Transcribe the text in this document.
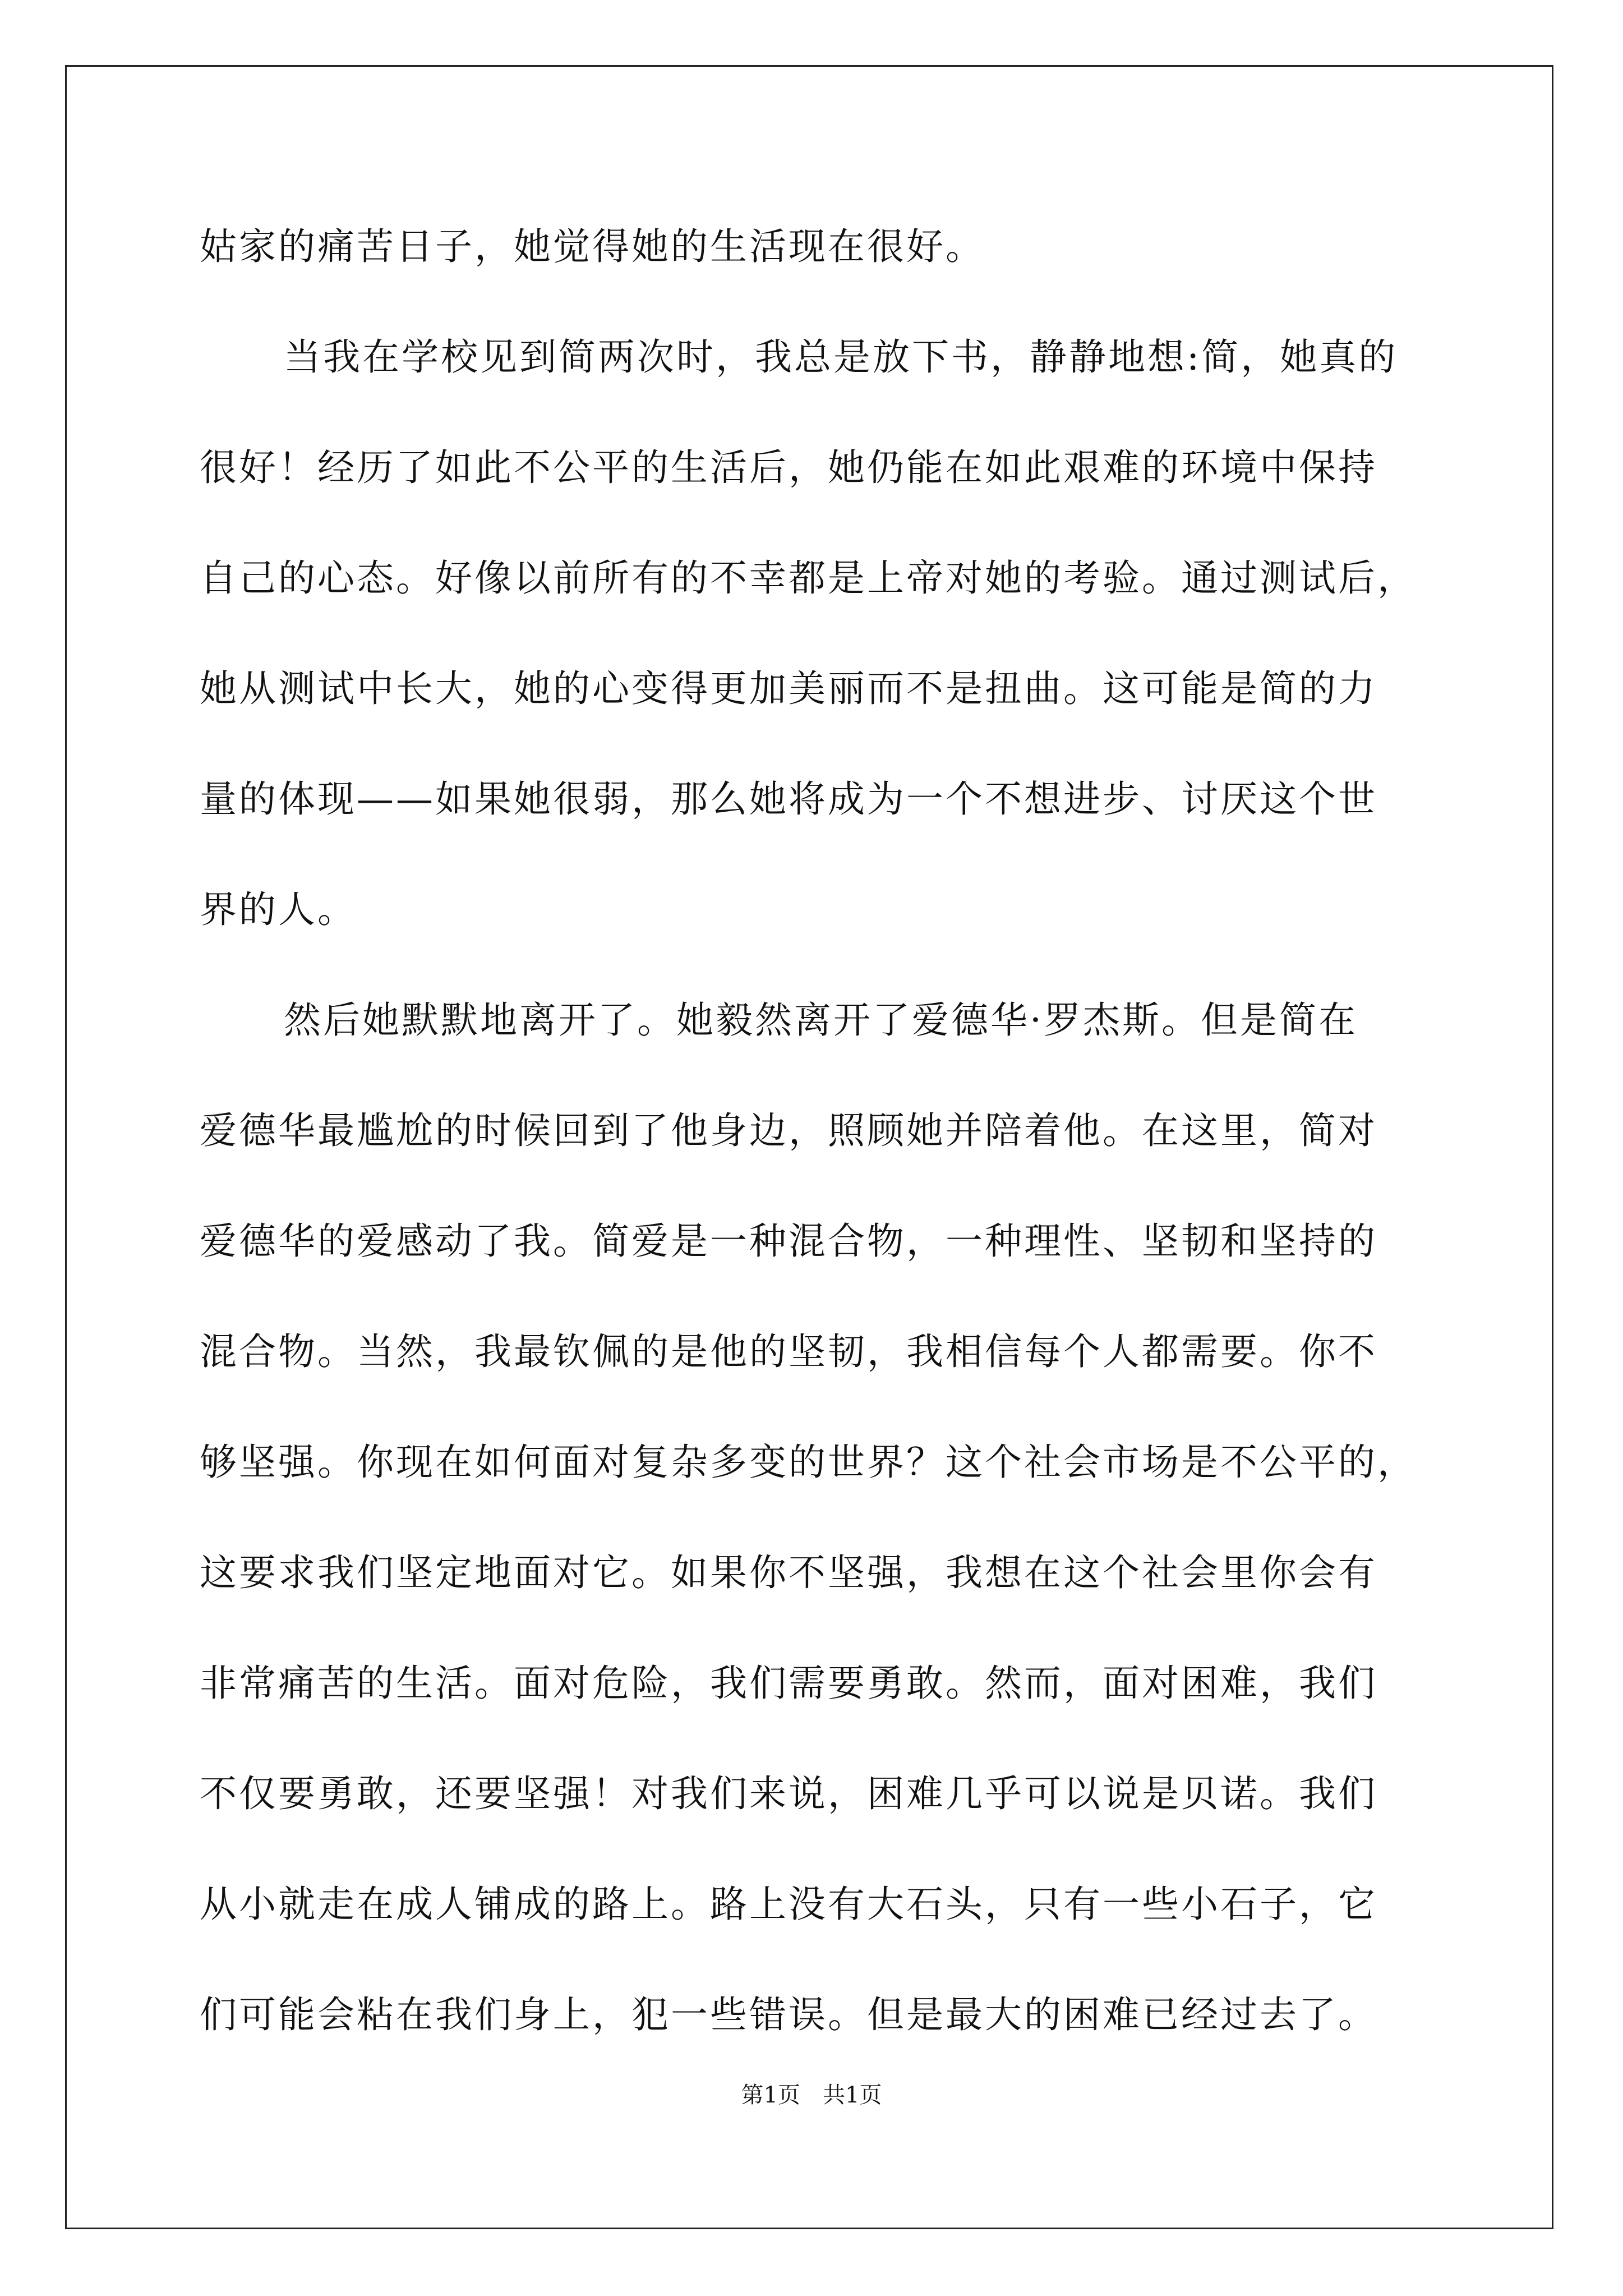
姑家的痛苦日子，她觉得她的生活现在很好。
当我在学校见到简两次时，我总是放下书，静静地想:简，她真的
很好！经历了如此不公平的生活后，她仍能在如此艰难的环境中保持
自己的心态。好像以前所有的不幸都是上帝对她的考验。通过测试后，
她从测试中长大，她的心变得更加美丽而不是扭曲。这可能是简的力
量的体现——如果她很弱，那么她将成为一个不想进步、讨厌这个世
界的人。
然后她默默地离开了。她毅然离开了爱德华·罗杰斯。但是简在
爱德华最尴尬的时候回到了他身边，照顾她并陪着他。在这里，简对
爱德华的爱感动了我。简爱是一种混合物，一种理性、坚韧和坚持的
混合物。当然，我最钦佩的是他的坚韧，我相信每个人都需要。你不
够坚强。你现在如何面对复杂多变的世界？这个社会市场是不公平的，
这要求我们坚定地面对它。如果你不坚强，我想在这个社会里你会有
非常痛苦的生活。面对危险，我们需要勇敢。然而，面对困难，我们
不仅要勇敢，还要坚强！对我们来说，困难几乎可以说是贝诺。我们
从小就走在成人铺成的路上。路上没有大石头，只有一些小石子，它
们可能会粘在我们身上，犯一些错误。但是最大的困难已经过去了。
第1页　共1页
